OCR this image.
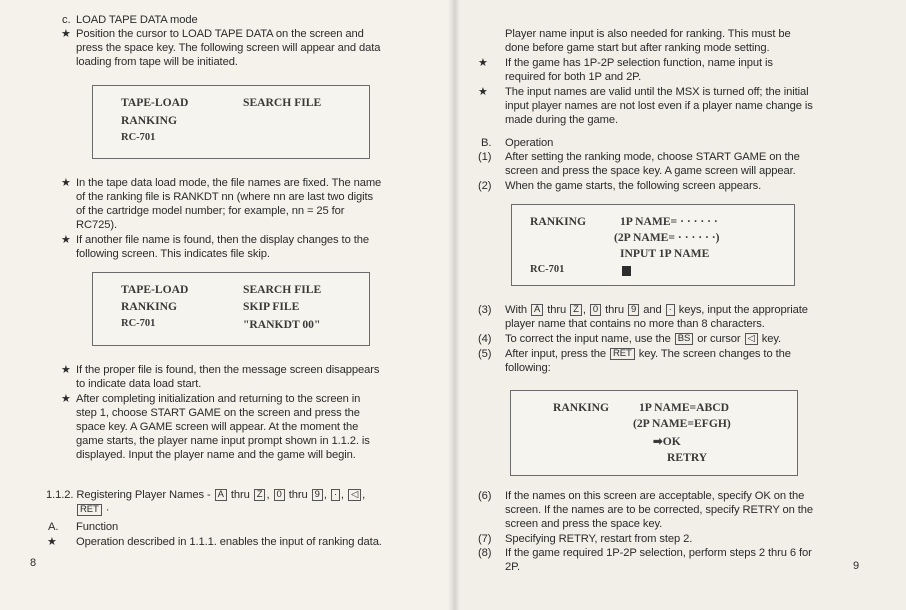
c. LOAD TAPE DATA mode
★ Position the cursor to LOAD TAPE DATA on the screen and
press the space key. The following screen will appear and data
loading from tape will be initiated.
TAPE-LOAD	SEARCH FILE
RANKING
RC-701
★ In the tape data load mode, the file names are fixed. The name
of the ranking file is RANKDT nn (where nn are last two digits
of the cartridge model number; for example, nn = 25 for
RC725).
★ If another file name is found, then the display changes to the
following screen. This indicates file skip.
TAPE-LOAD	SEARCH FILE
RANKING	SKIP FILE
RC-701	"RANKDT 00"
★ If the proper file is found, then the message screen disappears
to indicate data load start.
★ After completing initialization and returning to the screen in
step 1, choose START GAME on the screen and press the
space key. A GAME screen will appear. At the moment the
game starts, the player name input prompt shown in 1.1.2. is
displayed. Input the player name and the game will begin.
1.1.2. Registering Player Names - A thru Z , 0 thru 9 , · , ◁ ,
RET ·
A. Function
★ Operation described in 1.1.1. enables the input of ranking data.
8
Player name input is also needed for ranking. This must be
done before game start but after ranking mode setting.
★ If the game has 1P-2P selection function, name input is
required for both 1P and 2P.
★ The input names are valid until the MSX is turned off; the initial
input player names are not lost even if a player name change is
made during the game.
B. Operation
(1) After setting the ranking mode, choose START GAME on the
screen and press the space key. A game screen will appear.
(2) When the game starts, the following screen appears.
RANKING	1P NAME= · · · · · ·
(2P NAME= · · · · · ·)
INPUT 1P NAME
RC-701
(3) With A thru Z , 0 thru 9 and · keys, input the appropriate
player name that contains no more than 8 characters.
(4) To correct the input name, use the BS or cursor ◁ key.
(5) After input, press the RET key. The screen changes to the
following:
RANKING	1P NAME=ABCD
(2P NAME=EFGH)
➡OK
RETRY
(6) If the names on this screen are acceptable, specify OK on the
screen. If the names are to be corrected, specify RETRY on the
screen and press the space key.
(7) Specifying RETRY, restart from step 2.
(8) If the game required 1P-2P selection, perform steps 2 thru 6 for
2P.	9
